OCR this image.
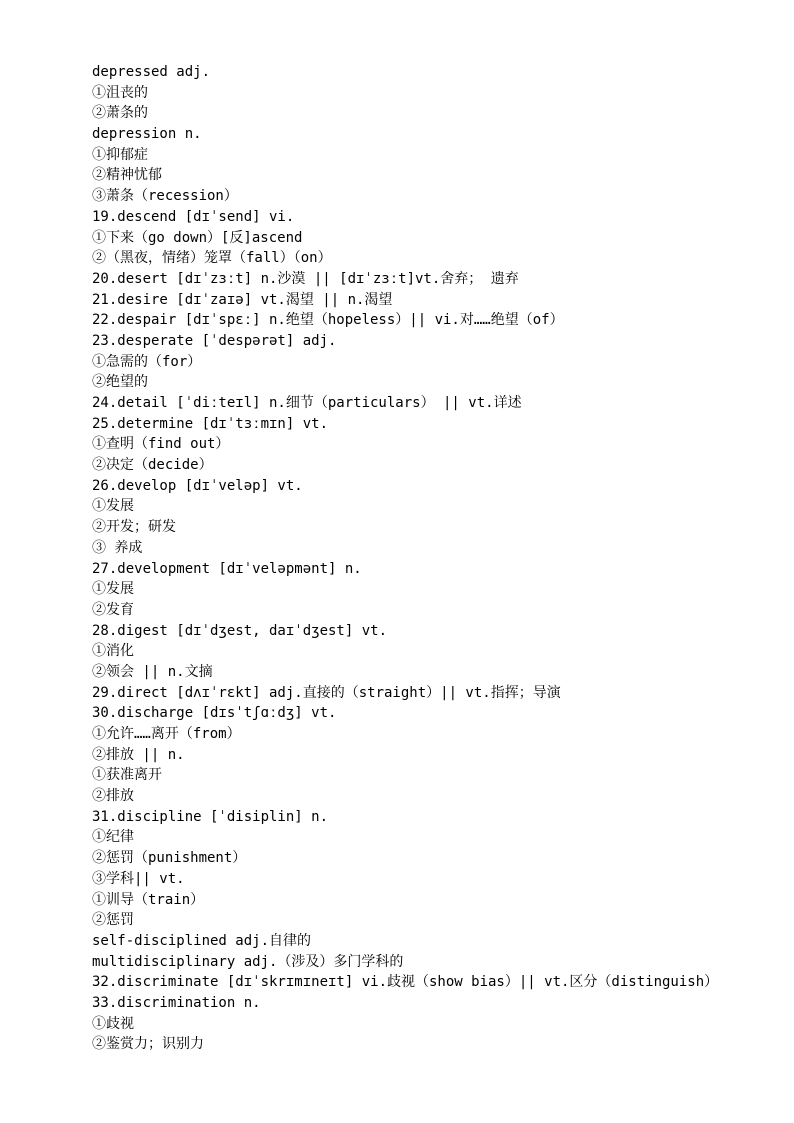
depressed adj.
①沮丧的
②萧条的
depression n.
①抑郁症
②精神忧郁
③萧条（recession）
19.descend [dɪˈsend] vi.
①下来（go down）[反]ascend
②（黑夜，情绪）笼罩（fall）（on）
20.desert [dɪˈzɜːt] n.沙漠 || [dɪˈzɜːt]vt.舍弃； 遗弃
21.desire [dɪˈzaɪə] vt.渴望 || n.渴望
22.despair [dɪˈspɛː] n.绝望（hopeless）|| vi.对……绝望（of）
23.desperate [ˈdespərət] adj.
①急需的（for）
②绝望的
24.detail [ˈdiːteɪl] n.细节（particulars） || vt.详述
25.determine [dɪˈtɜːmɪn] vt.
①查明（find out）
②决定（decide）
26.develop [dɪˈveləp] vt.
①发展
②开发；研发
③ 养成
27.development [dɪˈveləpmənt] n.
①发展
②发育
28.digest [dɪˈdʒest, daɪˈdʒest] vt.
①消化
②领会 || n.文摘
29.direct [dʌɪˈrɛkt] adj.直接的（straight）|| vt.指挥；导演
30.discharge [dɪsˈtʃɑːdʒ] vt.
①允许……离开（from）
②排放 || n.
①获准离开
②排放
31.discipline [ˈdisiplin] n.
①纪律
②惩罚（punishment）
③学科|| vt.
①训导（train）
②惩罚
self-disciplined adj.自律的
multidisciplinary adj.（涉及）多门学科的
32.discriminate [dɪˈskrɪmɪneɪt] vi.歧视（show bias）|| vt.区分（distinguish）
33.discrimination n.
①歧视
②鉴赏力；识别力
